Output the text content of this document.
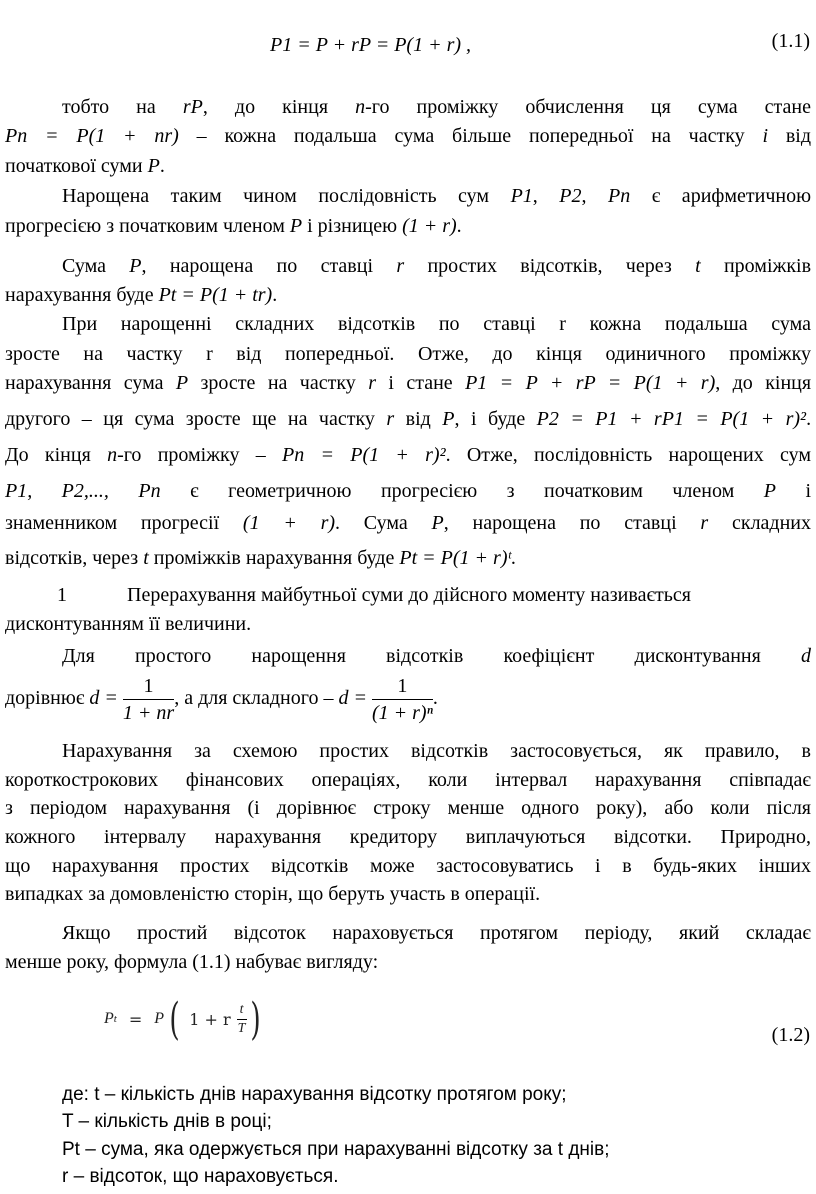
P1 = P + rP = P(1 + r) ,	(1.1)
тобто на rP, до кінця n-го проміжку обчислення ця сума стане
Pn = P(1 + nr) – кожна подальша сума більше попередньої на частку i від
початкової суми P.
Нарощена таким чином послідовність сум P1, P2, Pn є арифметичною
прогресією з початковим членом P і різницею (1 + r).
Сума P, нарощена по ставці r простих відсотків, через t проміжків
нарахування буде Pt = P(1 + tr).
При нарощенні складних відсотків по ставці r кожна подальша сума
зросте на частку r від попередньої. Отже, до кінця одиничного проміжку
нарахування сума P зросте на частку r і стане P1 = P + rP = P(1 + r), до кінця
другого – ця сума зросте ще на частку r від P, і буде P2 = P1 + rP1 = P(1 + r)².
До кінця n-го проміжку – Pn = P(1 + r)². Отже, послідовність нарощених сум
P1, P2,..., Pn є геометричною прогресією з початковим членом P і
знаменником прогресії (1 + r). Сума P, нарощена по ставці r складних
відсотків, через t проміжків нарахування буде Pt = P(1 + r)ᵗ.
1	Перерахування майбутньої суми до дійсного моменту називається
дисконтуванням її величини.
Для простого нарощення відсотків коефіцієнт дисконтування d
дорівнює $d = \frac{1}{1 + nr}$ , а для складного – $d = \frac{1}{\text{(1 + r)ⁿ}}$ .
Нарахування за схемою простих відсотків застосовується, як правило, в
короткострокових фінансових операціях, коли інтервал нарахування співпадає
з періодом нарахування (і дорівнює строку менше одного року), або коли після
кожного інтервалу нарахування кредитору виплачуються відсотки. Природно,
що нарахування простих відсотків може застосовуватись і в будь-яких інших
випадках за домовленістю сторін, що беруть участь в операції.
Якщо простий відсоток нараховується протягом періоду, який складає
менше року, формула (1.1) набуває вигляду:
P t = P ( 1 + r $\frac{t}{T}$ )	(1.2)
де: t – кількість днів нарахування відсотку протягом року;
T – кількість днів в році;
Pt – сума, яка одержується при нарахуванні відсотку за t днів;
r – відсоток, що нараховується.
